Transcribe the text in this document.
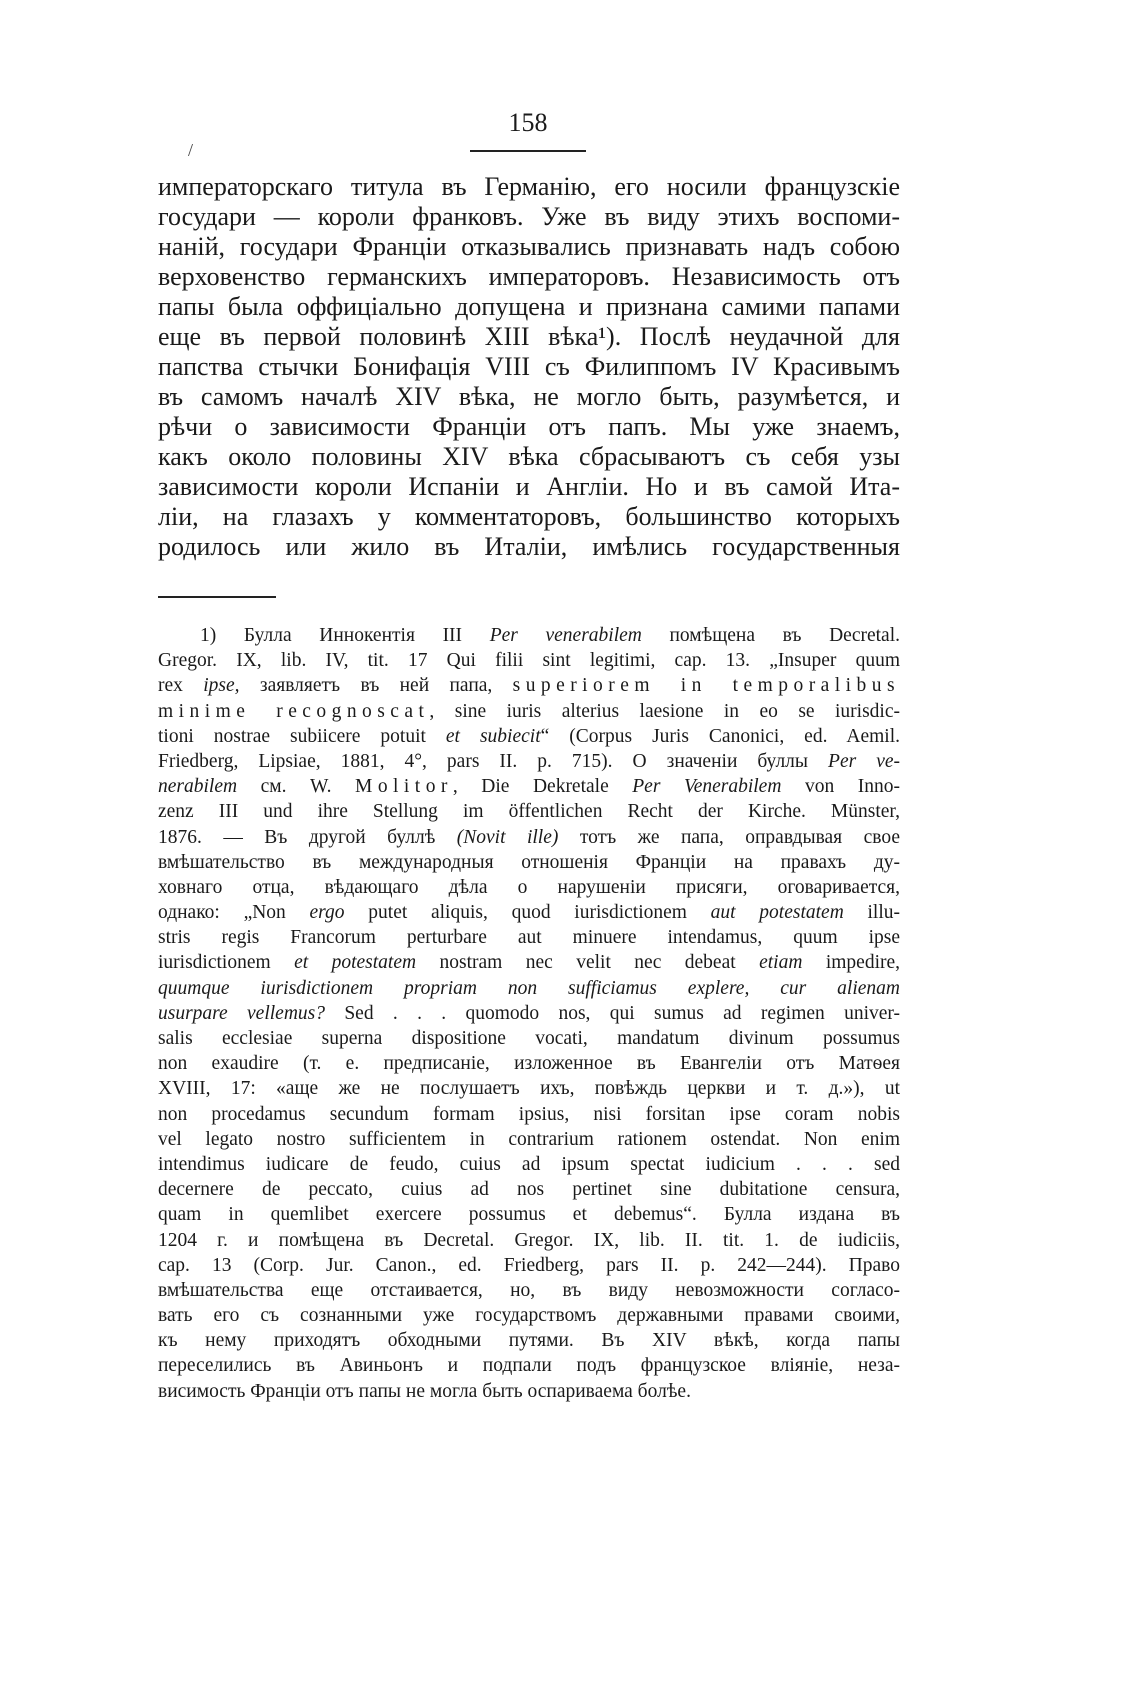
158
/
императорскаго титула въ Германію, его носили французскіе
государи — короли франковъ. Уже въ виду этихъ воспоми-
наній, государи Франціи отказывались признавать надъ собою
верховенство германскихъ императоровъ. Независимость отъ
папы была оффиціально допущена и признана самими папами
еще въ первой половинѣ XIII вѣка¹). Послѣ неудачной для
папства стычки Бонифація VIII съ Филиппомъ IV Красивымъ
въ самомъ началѣ XIV вѣка, не могло быть, разумѣется, и
рѣчи о зависимости Франціи отъ папъ. Мы уже знаемъ,
какъ около половины XIV вѣка сбрасываютъ съ себя узы
зависимости короли Испаніи и Англіи. Но и въ самой Ита-
ліи, на глазахъ у комментаторовъ, большинство которыхъ
родилось или жило въ Италіи, имѣлись государственныя
1) Булла Иннокентія III Per venerabilem помѣщена въ Decretal.
Gregor. IX, lib. IV, tit. 17 Qui filii sint legitimi, cap. 13. „Insuper quum
rex ipse, заявляетъ въ ней папа, superiorem in temporalibus
minime recognoscat, sine iuris alterius laesione in eo se iurisdic-
tioni nostrae subiicere potuit et subiecit“ (Corpus Juris Canonici, ed. Aemil.
Friedberg, Lipsiae, 1881, 4°, pars II. p. 715). О значеніи буллы Per ve-
nerabilem см. W. Molitor, Die Dekretale Per Venerabilem von Inno-
zenz III und ihre Stellung im öffentlichen Recht der Kirche. Münster,
1876. — Въ другой буллѣ (Novit ille) тотъ же папа, оправдывая свое
вмѣшательство въ международныя отношенія Франціи на правахъ ду-
ховнаго отца, вѣдающаго дѣла о нарушеніи присяги, оговаривается,
однако: „Non ergo putet aliquis, quod iurisdictionem aut potestatem illu-
stris regis Francorum perturbare aut minuere intendamus, quum ipse
iurisdictionem et potestatem nostram nec velit nec debeat etiam impedire,
quumque iurisdictionem propriam non sufficiamus explere, cur alienam
usurpare vellemus? Sed . . . quomodo nos, qui sumus ad regimen univer-
salis ecclesiae superna dispositione vocati, mandatum divinum possumus
non exaudire (т. е. предписаніе, изложенное въ Евангеліи отъ Матѳея
XVIII, 17: «аще же не послушаетъ ихъ, повѣждь церкви и т. д.»), ut
non procedamus secundum formam ipsius, nisi forsitan ipse coram nobis
vel legato nostro sufficientem in contrarium rationem ostendat. Non enim
intendimus iudicare de feudo, cuius ad ipsum spectat iudicium . . . sed
decernere de peccato, cuius ad nos pertinet sine dubitatione censura,
quam in quemlibet exercere possumus et debemus“. Булла издана въ
1204 г. и помѣщена въ Decretal. Gregor. IX, lib. II. tit. 1. de iudiciis,
cap. 13 (Corp. Jur. Canon., ed. Friedberg, pars II. p. 242—244). Право
вмѣшательства еще отстаивается, но, въ виду невозможности согласо-
вать его съ сознанными уже государствомъ державными правами своими,
къ нему приходятъ обходными путями. Въ XIV вѣкѣ, когда папы
переселились въ Авиньонъ и подпали подъ французское вліяніе, неза-
висимость Франціи отъ папы не могла быть оспариваема болѣе.
